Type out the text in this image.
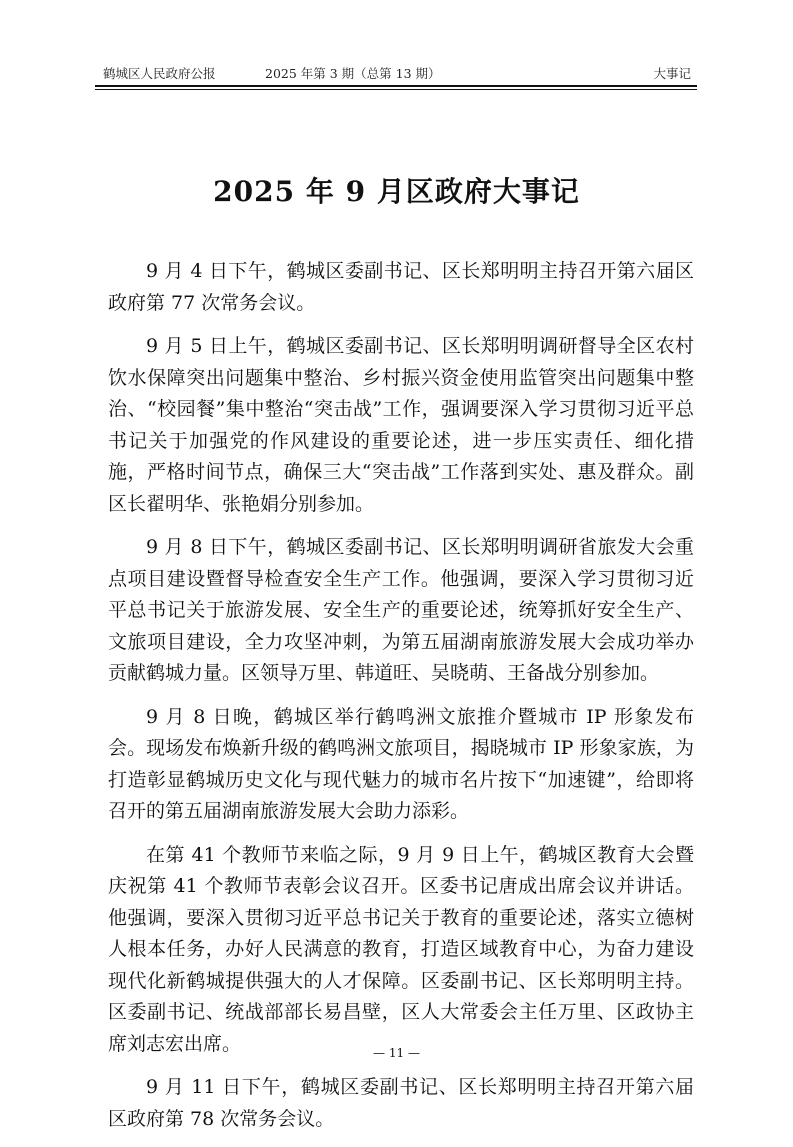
鹤城区人民政府公报	2025 年第 3 期（总第 13 期）	大事记
2025 年 9 月区政府大事记

9 月 4 日下午，鹤城区委副书记、区长郑明明主持召开第六届区政府第 77 次常务会议。

9 月 5 日上午，鹤城区委副书记、区长郑明明调研督导全区农村饮水保障突出问题集中整治、乡村振兴资金使用监管突出问题集中整治、“校园餐”集中整治“突击战”工作，强调要深入学习贯彻习近平总书记关于加强党的作风建设的重要论述，进一步压实责任、细化措施，严格时间节点，确保三大“突击战”工作落到实处、惠及群众。副区长翟明华、张艳娟分别参加。

9 月 8 日下午，鹤城区委副书记、区长郑明明调研省旅发大会重点项目建设暨督导检查安全生产工作。他强调，要深入学习贯彻习近平总书记关于旅游发展、安全生产的重要论述，统筹抓好安全生产、文旅项目建设，全力攻坚冲刺，为第五届湖南旅游发展大会成功举办贡献鹤城力量。区领导万里、韩道旺、吴晓萌、王备战分别参加。

9 月 8 日晚，鹤城区举行鹤鸣洲文旅推介暨城市 IP 形象发布会。现场发布焕新升级的鹤鸣洲文旅项目，揭晓城市 IP 形象家族，为打造彰显鹤城历史文化与现代魅力的城市名片按下“加速键”，给即将召开的第五届湖南旅游发展大会助力添彩。

在第 41 个教师节来临之际，9 月 9 日上午，鹤城区教育大会暨庆祝第 41 个教师节表彰会议召开。区委书记唐成出席会议并讲话。他强调，要深入贯彻习近平总书记关于教育的重要论述，落实立德树人根本任务，办好人民满意的教育，打造区域教育中心，为奋力建设现代化新鹤城提供强大的人才保障。区委副书记、区长郑明明主持。区委副书记、统战部部长易昌壁，区人大常委会主任万里、区政协主席刘志宏出席。

9 月 11 日下午，鹤城区委副书记、区长郑明明主持召开第六届区政府第 78 次常务会议。

— 11 —
